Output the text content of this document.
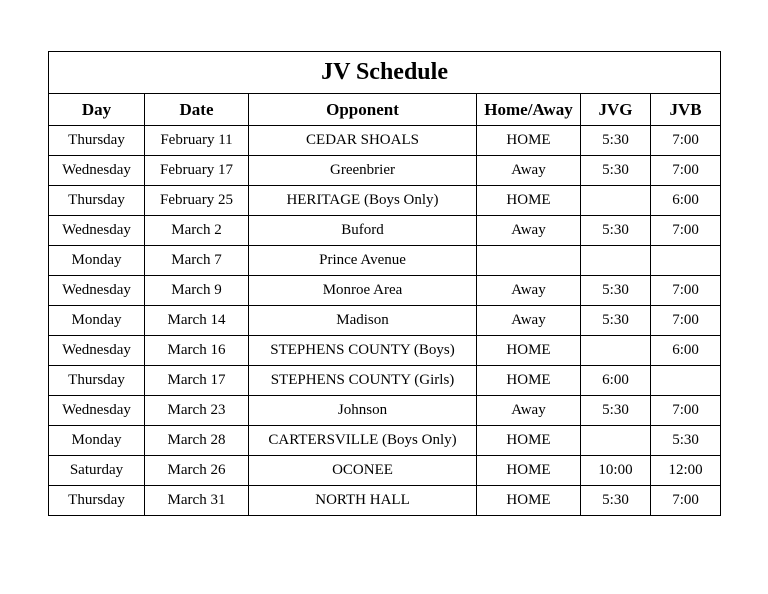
JV Schedule					
Day	Date	Opponent	Home/Away	JVG	JVB
Thursday	February 11	CEDAR SHOALS	HOME	5:30	7:00
Wednesday	February 17	Greenbrier	Away	5:30	7:00
Thursday	February 25	HERITAGE (Boys Only)	HOME		6:00
Wednesday	March 2	Buford	Away	5:30	7:00
Monday	March 7	Prince Avenue			
Wednesday	March 9	Monroe Area	Away	5:30	7:00
Monday	March 14	Madison	Away	5:30	7:00
Wednesday	March 16	STEPHENS COUNTY (Boys)	HOME		6:00
Thursday	March 17	STEPHENS COUNTY (Girls)	HOME	6:00	
Wednesday	March 23	Johnson	Away	5:30	7:00
Monday	March 28	CARTERSVILLE (Boys Only)	HOME		5:30
Saturday	March 26	OCONEE	HOME	10:00	12:00
Thursday	March 31	NORTH HALL	HOME	5:30	7:00
